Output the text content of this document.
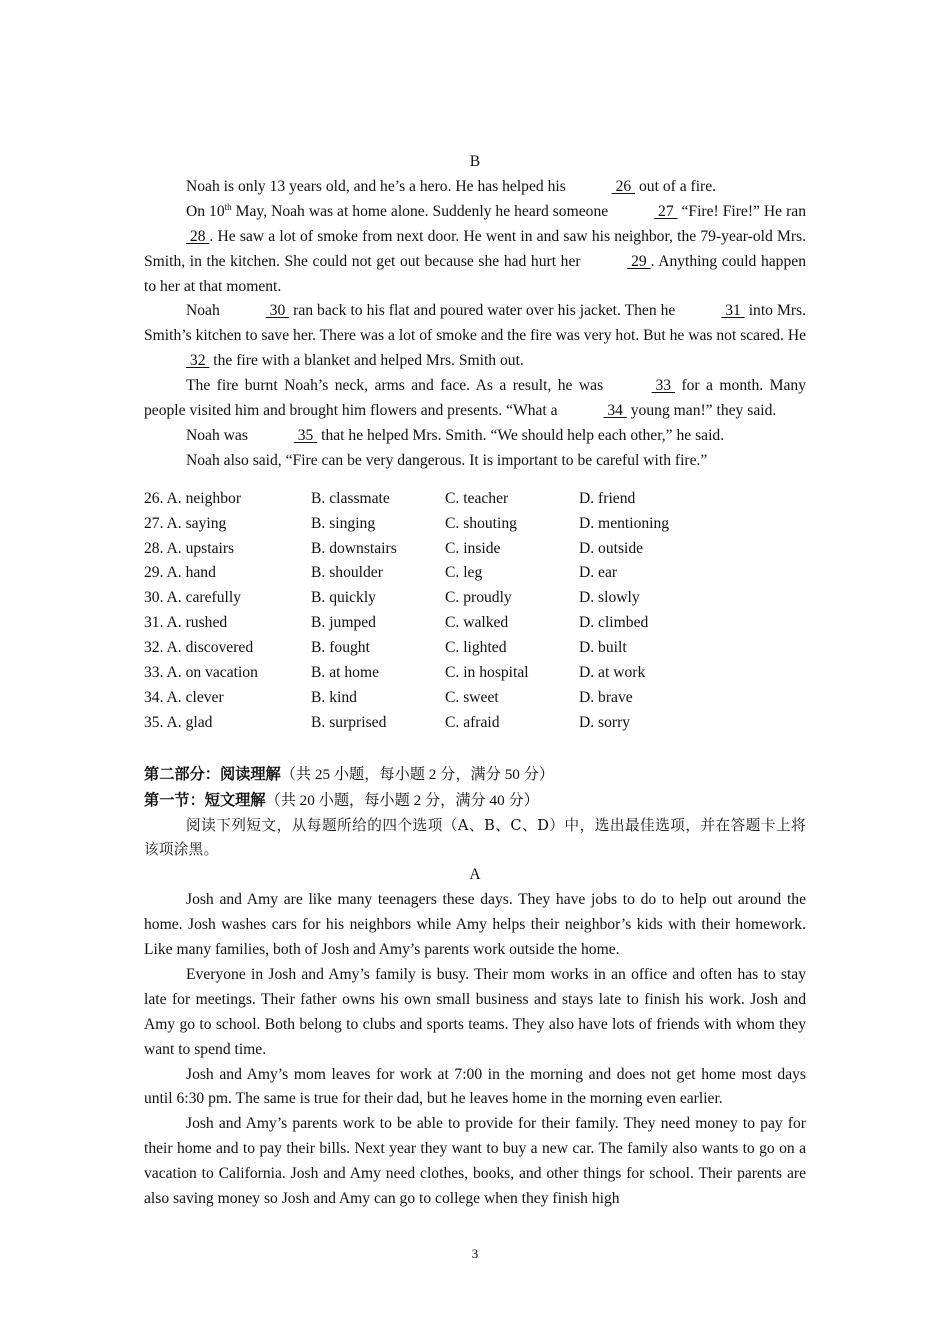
B

Noah is only 13 years old, and he’s a hero. He has helped his	26  out of a fire.

On 10th May, Noah was at home alone. Suddenly he heard someone	27  “Fire! Fire!” He ran  28 . He saw a lot of smoke from next door. He went in and saw his neighbor, the 79-year-old Mrs. Smith, in the kitchen. She could not get out because she had hurt her	29 . Anything could happen to her at that moment.

Noah	30  ran back to his flat and poured water over his jacket. Then he	31  into Mrs. Smith’s kitchen to save her. There was a lot of smoke and the fire was very hot. But he was not scared. He  32  the fire with a blanket and helped Mrs. Smith out.

The fire burnt Noah’s neck, arms and face. As a result, he was	33  for a month. Many people visited him and brought him flowers and presents. “What a	34  young man!” they said.

Noah was	35  that he helped Mrs. Smith. “We should help each other,” he said.

Noah also said, “Fire can be very dangerous. It is important to be careful with fire.”

26. A. neighbor	B. classmate	C. teacher	D. friend
27. A. saying	B. singing	C. shouting	D. mentioning
28. A. upstairs	B. downstairs	C. inside	D. outside
29. A. hand	B. shoulder	C. leg	D. ear
30. A. carefully	B. quickly	C. proudly	D. slowly
31. A. rushed	B. jumped	C. walked	D. climbed
32. A. discovered	B. fought	C. lighted	D. built
33. A. on vacation	B. at home	C. in hospital	D. at work
34. A. clever	B. kind	C. sweet	D. brave
35. A. glad	B. surprised	C. afraid	D. sorry
第二部分：阅读理解（共 25 小题，每小题 2 分，满分 50 分）
第一节：短文理解（共 20 小题，每小题 2 分，满分 40 分）

阅读下列短文，从每题所给的四个选项（A、B、C、D）中，选出最佳选项，并在答题卡上将该项涂黑。

A

Josh and Amy are like many teenagers these days. They have jobs to do to help out around the home. Josh washes cars for his neighbors while Amy helps their neighbor’s kids with their homework. Like many families, both of Josh and Amy’s parents work outside the home.

Everyone in Josh and Amy’s family is busy. Their mom works in an office and often has to stay late for meetings. Their father owns his own small business and stays late to finish his work. Josh and Amy go to school. Both belong to clubs and sports teams. They also have lots of friends with whom they want to spend time.

Josh and Amy’s mom leaves for work at 7:00 in the morning and does not get home most days until 6:30 pm. The same is true for their dad, but he leaves home in the morning even earlier.

Josh and Amy’s parents work to be able to provide for their family. They need money to pay for their home and to pay their bills. Next year they want to buy a new car. The family also wants to go on a vacation to California. Josh and Amy need clothes, books, and other things for school. Their parents are also saving money so Josh and Amy can go to college when they finish high

3
